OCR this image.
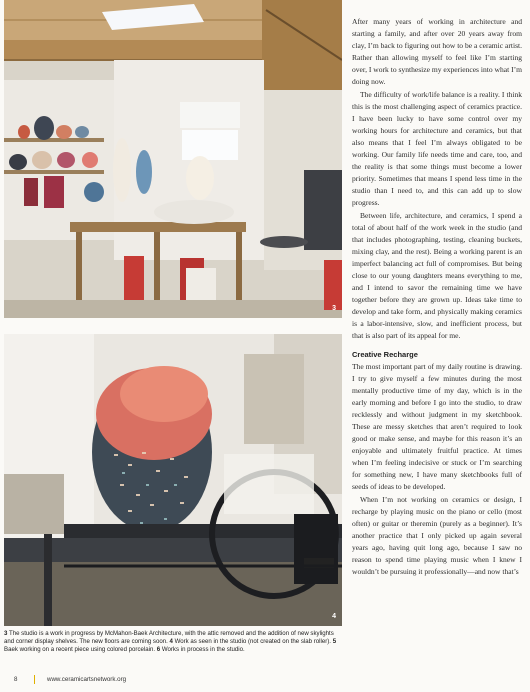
3
4
3 The studio is a work in progress by McMahon-Baek Architecture, with the attic removed and the addition of new skylights and corner display shelves. The new floors are coming soon. 4 Work as seen in the studio (not created on the slab roller). 5 Baek working on a recent piece using colored porcelain. 6 Works in process in the studio.

After many years of working in architecture and starting a family, and after over 20 years away from clay, I’m back to figuring out how to be a ceramic artist. Rather than allowing myself to feel like I’m starting over, I work to synthesize my experiences into what I’m doing now.

The difficulty of work/life balance is a reality. I think this is the most challenging aspect of ceramics practice. I have been lucky to have some control over my working hours for architecture and ceramics, but that also means that I feel I’m always obligated to be working. Our family life needs time and care, too, and the reality is that some things must become a lower priority. Sometimes that means I spend less time in the studio than I need to, and this can add up to slow progress.

Between life, architecture, and ceramics, I spend a total of about half of the work week in the studio (and that includes photographing, testing, cleaning buckets, mixing clay, and the rest). Being a working parent is an imperfect balancing act full of compromises. But being close to our young daughters means everything to me, and I intend to savor the remaining time we have together before they are grown up. Ideas take time to develop and take form, and physically making ceramics is a labor-intensive, slow, and inefficient process, but that is also part of its appeal for me.

Creative Recharge

The most important part of my daily routine is drawing. I try to give myself a few minutes during the most mentally productive time of my day, which is in the early morning and before I go into the studio, to draw recklessly and without judgment in my sketchbook. These are messy sketches that aren’t required to look good or make sense, and maybe for this reason it’s an enjoyable and ultimately fruitful practice. At times when I’m feeling indecisive or stuck or I’m searching for something new, I have many sketchbooks full of seeds of ideas to be developed.

When I’m not working on ceramics or design, I recharge by playing music on the piano or cello (most often) or guitar or theremin (purely as a beginner). It’s another practice that I only picked up again several years ago, having quit long ago, because I saw no reason to spend time playing music when I knew I wouldn’t be pursuing it professionally—and now that’s

8	www.ceramicartsnetwork.org
